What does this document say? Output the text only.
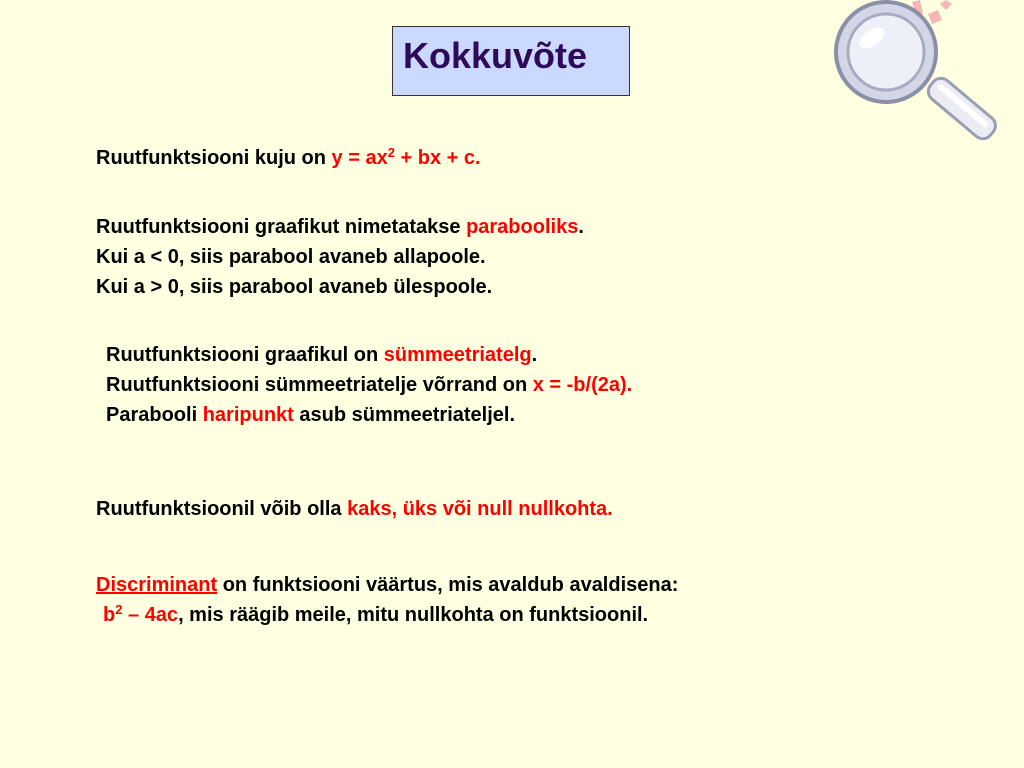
Kokkuvõte
Ruutfunktsiooni kuju on $y = ax^2$ + bx + c.
Ruutfunktsiooni graafikut nimetatakse parabooliks.
Kui a < 0, siis parabool avaneb allapoole.
Kui a > 0, siis parabool avaneb ülespoole.
Ruutfunktsiooni graafikul on sümmeetriatelg.
Ruutfunktsiooni sümmeetriatelje võrrand on x = -b/(2a).
Parabooli haripunkt asub sümmeetriateljel.
Ruutfunktsioonil võib olla kaks, üks või null nullkohta.
Discriminant on funktsiooni väärtus, mis avaldub avaldisena:
$b^2 - 4ac$, mis räägib meile, mitu nullkohta on funktsioonil.
